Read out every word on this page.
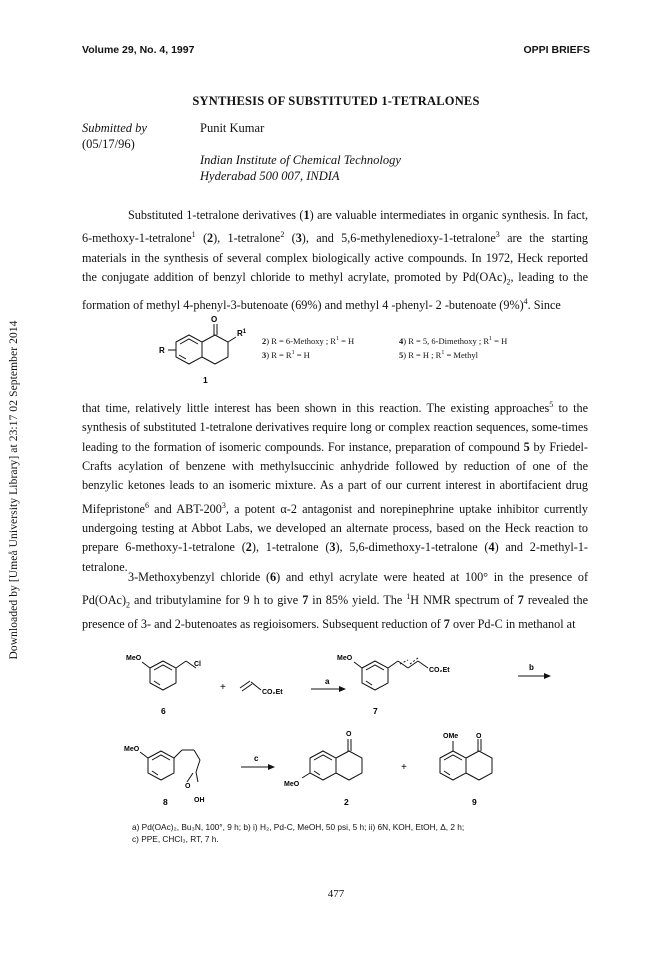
Downloaded by [Umeå University Library] at 23:17 02 September 2014
Volume 29, No. 4, 1997	OPPI BRIEFS
SYNTHESIS OF SUBSTITUTED 1-TETRALONES
Submitted by
(05/17/96)
Punit Kumar
Indian Institute of Chemical Technology
Hyderabad 500 007, INDIA

Substituted 1-tetralone derivatives (1) are valuable intermediates in organic synthesis. In fact, 6-methoxy-1-tetralone$^1$ (2), 1-tetralone$^2$ (3), and 5,6-methylenedioxy-1-tetralone$^3$ are the starting materials in the synthesis of several complex biologically active compounds. In 1972, Heck reported the conjugate addition of benzyl chloride to methyl acrylate, promoted by $Pd(OAc)_2$, leading to the formation of methyl 4-phenyl-3-butenoate (69%) and methyl 4 -phenyl- 2 -butenoate $(9\%)^4$. Since

O
$R^1$
R
1
2) R = 6-Methoxy ; $R^1 = H$	4) R = 5, 6-Dimethoxy ; $R^1 = H$
3) $R = R^1 = H$	5) R = H ; $R^1$ = Methyl

that time, relatively little interest has been shown in this reaction. The existing approaches$^5$ to the synthesis of substituted 1-tetralone derivatives require long or complex reaction sequences, some-times leading to the formation of isomeric compounds. For instance, preparation of compound 5 by Friedel-Crafts acylation of benzene with methylsuccinic anhydride followed by reduction of one of the benzylic ketones leads to an isomeric mixture. As a part of our current interest in abortifacient drug Mifepristone$^6$ and ABT-$200^3$, a potent α-2 antagonist and norepinephrine uptake inhibitor currently undergoing testing at Abbot Labs, we developed an alternate process, based on the Heck reaction to prepare 6-methoxy-1-tetralone (2), 1-tetralone (3), 5,6-dimethoxy-1-tetralone (4) and 2-methyl-1-tetralone.

3-Methoxybenzyl chloride (6) and ethyl acrylate were heated at 100° in the presence of $Pd(OAc)_2$ and tributylamine for 9 h to give 7 in 85% yield. The $^1$H NMR spectrum of 7 revealed the presence of 3- and 2-butenoates as regioisomers. Subsequent reduction of 7 over Pd-C in methanol at

MeO
Cl
+	CO₂Et
a
MeO
CO₂Et	b
6	7
MeO
O
OH
c
O
MeO
+
OMe	O
8	2	9
a) Pd(OAc)₂, Bu₃N, 100°, 9 h; b) i) H₂, Pd-C, MeOH, 50 psi, 5 h; ii) 6N, KOH, EtOH, Δ, 2 h;
c) PPE, CHCl₃, RT, 7 h.
477
